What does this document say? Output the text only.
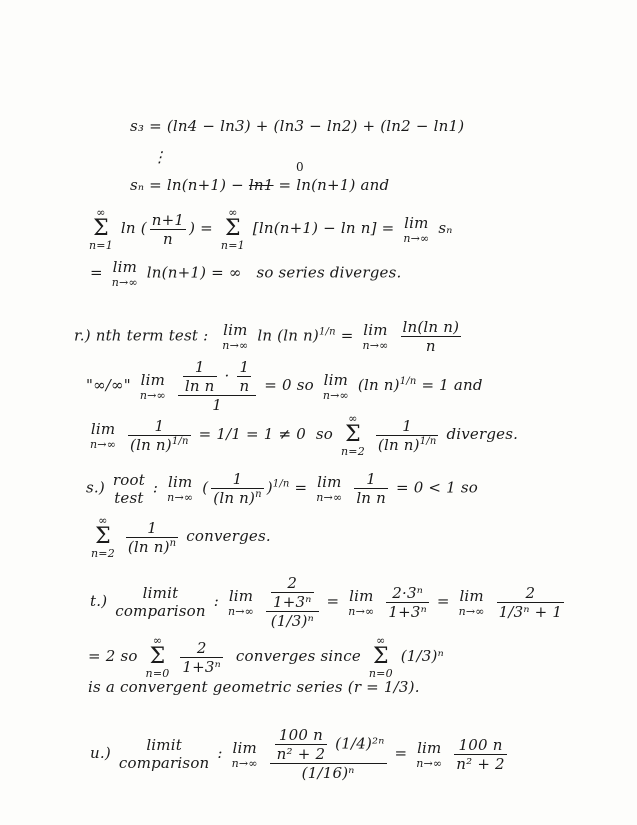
s₃ = (ln4 − ln3) + (ln3 − ln2) + (ln2 − ln1)
⋮
sₙ = ln(n+1) − ln1 = ln(n+1) and
0
∞
Σ
n=1
ln ( $\frac{n+1}{n}$ ) =
∞
Σ
n=1
[ln(n+1) − ln n] = lim
n→∞
sₙ
= lim
n→∞
ln(n+1) = ∞ so series diverges.
r.) nth term test : lim
n→∞
ln (ln n)$^{1/n}$ = lim
n→∞
$\frac{\text{ln(ln n)}}{n}$
"∞/∞" lim
n→∞
$\frac{\frac{1}{\text{ln n}} \cdot \frac{1}{n}}{1} = 0$ so lim
n→∞
(ln n)$^{1/n}$ = 1 and
lim
n→∞
$\frac{1}{(\ln n)^{1/n}} = 1/1 = 1 \ne 0$ so
∞
Σ
n=2
$\frac{1}{(\ln n)^{1/n}}$ diverges.
s.) root
test
: lim
n→∞
( $\frac{1}{(\ln n)^n} )^{1/n} = \lim$
n→∞
$\frac{1}{\text{ln n}} = 0 < 1$ so
∞
Σ
n=2
$\frac{1}{(\ln n)^n}$ converges.
t.)	limit
comparison
: lim
n→∞
$\frac{\frac{2}{\text{1+3ⁿ}}}{\text{(1/3)ⁿ}} = \lim$
n→∞
$\frac{\text{2·3ⁿ}}{\text{1+3ⁿ}} = \lim$
n→∞
$\frac{2}{\text{1/3ⁿ + 1}}$
= 2 so
∞
Σ
n=0
$\frac{2}{\text{1+3ⁿ}}$ converges since
∞
Σ
n=0
(1/3)ⁿ
is a convergent geometric series (r = 1/3).
u.)	limit
comparison
: lim
n→∞
$\frac{\frac{100 n}{\text{n² + 2}} (1/4)^{2n}}{\text{(1/16)ⁿ}} = \lim$
n→∞
$\frac{100 n}{\text{n² + 2}}$
